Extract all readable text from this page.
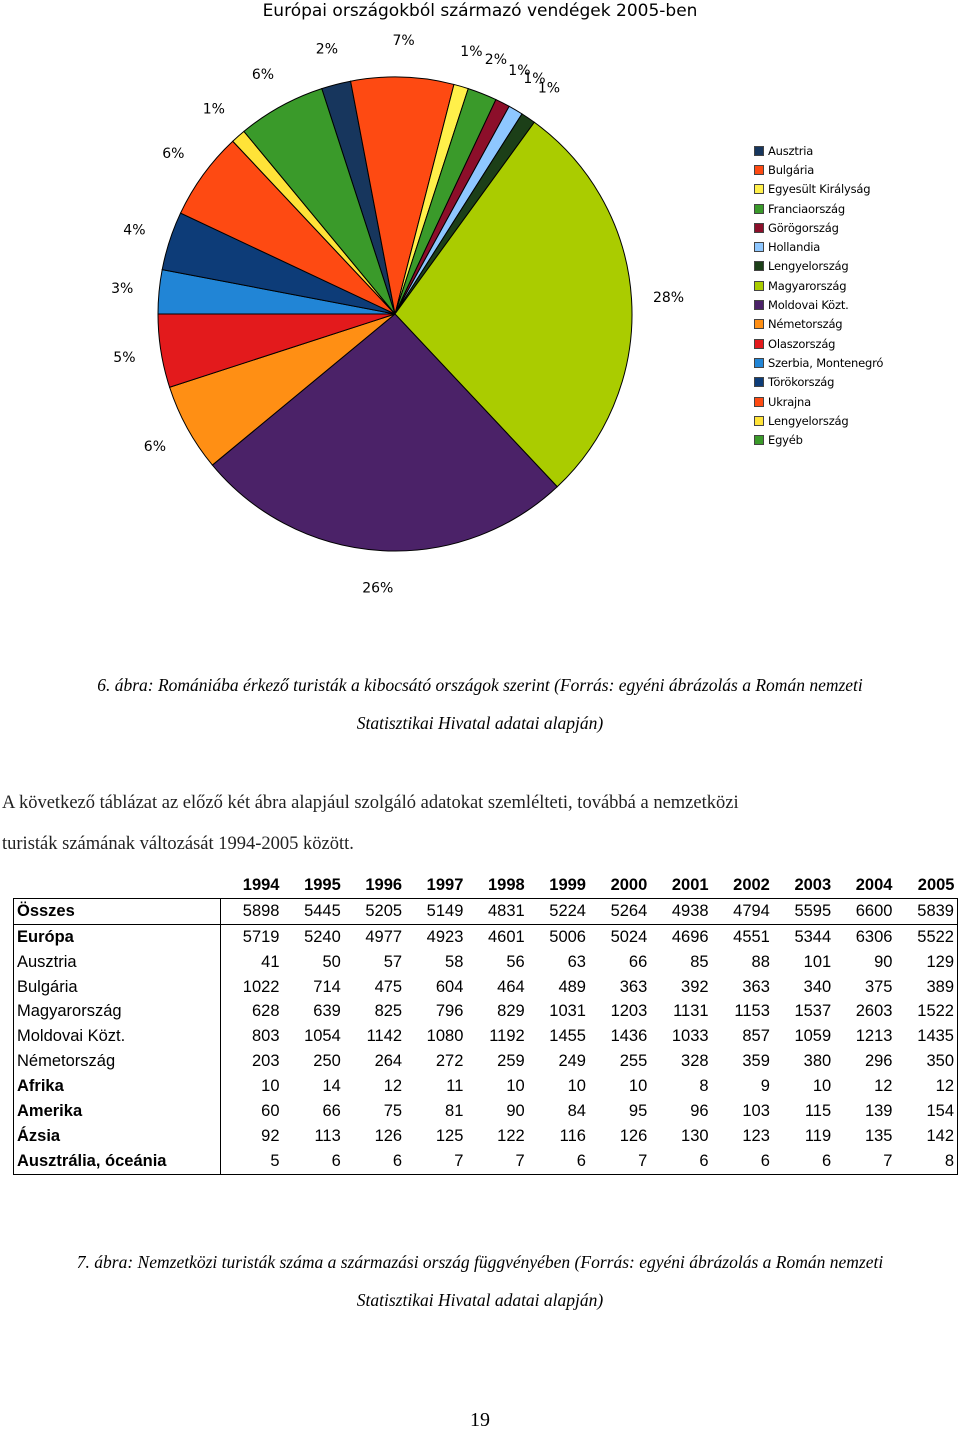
Európai országokból származó vendégek 2005-ben
2%
7%
1%
2%
1%
1%
1%
28%
26%
6%
5%
3%
4%
6%
1%
6%
Ausztria
Bulgária
Egyesült Királyság
Franciaország
Görögország
Hollandia
Lengyelország
Magyarország
Moldovai Közt.
Németország
Olaszország
Szerbia, Montenegró
Törökország
Ukrajna
Lengyelország
Egyéb
6. ábra: Romániába érkező turisták a kibocsátó országok szerint (Forrás: egyéni ábrázolás a Román nemzeti
Statisztikai Hivatal adatai alapján)
A következő táblázat az előző két ábra alapjául szolgáló adatokat szemlélteti, továbbá a nemzetközi
turisták számának változását 1994-2005 között.
	1994	1995	1996	1997	1998	1999	2000	2001	2002	2003	2004	2005
Összes	5898	5445	5205	5149	4831	5224	5264	4938	4794	5595	6600	5839
Európa	5719	5240	4977	4923	4601	5006	5024	4696	4551	5344	6306	5522
Ausztria	41	50	57	58	56	63	66	85	88	101	90	129
Bulgária	1022	714	475	604	464	489	363	392	363	340	375	389
Magyarország	628	639	825	796	829	1031	1203	1131	1153	1537	2603	1522
Moldovai Közt.	803	1054	1142	1080	1192	1455	1436	1033	857	1059	1213	1435
Németország	203	250	264	272	259	249	255	328	359	380	296	350
Afrika	10	14	12	11	10	10	10	8	9	10	12	12
Amerika	60	66	75	81	90	84	95	96	103	115	139	154
Ázsia	92	113	126	125	122	116	126	130	123	119	135	142
Ausztrália, óceánia	5	6	6	7	7	6	7	6	6	6	7	8
7. ábra: Nemzetközi turisták száma a származási ország függvényében (Forrás: egyéni ábrázolás a Román nemzeti
Statisztikai Hivatal adatai alapján)
19
